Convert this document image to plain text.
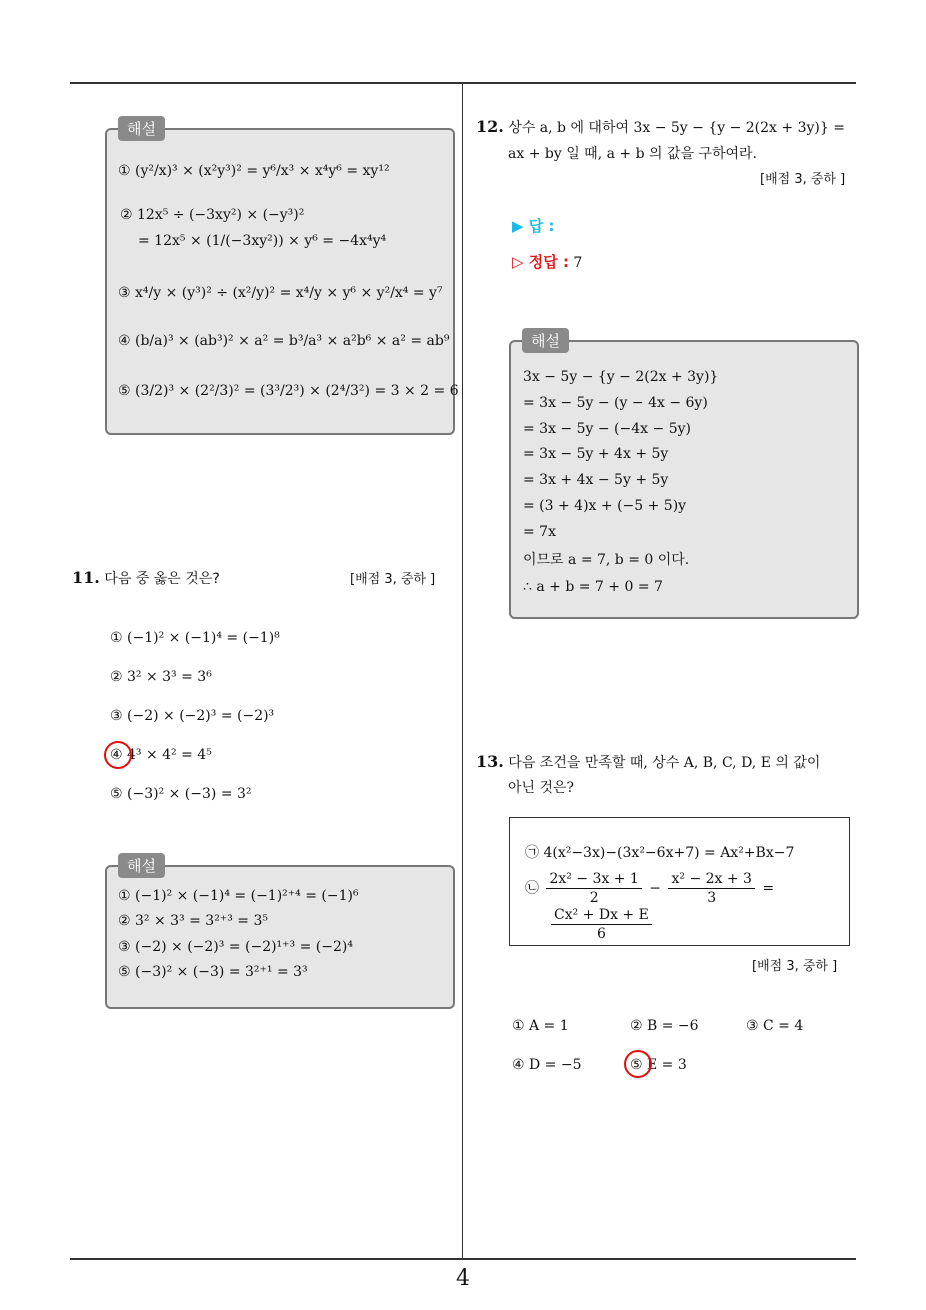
4
해설
① (y²/x)³ × (x²y³)² = y⁶/x³ × x⁴y⁶ = xy¹²
② 12x⁵ ÷ (−3xy²) × (−y³)²
= 12x⁵ × (1/(−3xy²)) × y⁶ = −4x⁴y⁴
③ x⁴/y × (y³)² ÷ (x²/y)² = x⁴/y × y⁶ × y²/x⁴ = y⁷
④ (b/a)³ × (ab³)² × a² = b³/a³ × a²b⁶ × a² = ab⁹
⑤ (3/2)³ × (2²/3)² = (3³/2³) × (2⁴/3²) = 3 × 2 = 6
11. 다음 중 옳은 것은?	[배점 3, 중하 ]
① (−1)² × (−1)⁴ = (−1)⁸
② 3² × 3³ = 3⁶
③ (−2) × (−2)³ = (−2)³
④ 4³ × 4² = 4⁵
⑤ (−3)² × (−3) = 3²
해설
① (−1)² × (−1)⁴ = (−1)²⁺⁴ = (−1)⁶
② 3² × 3³ = 3²⁺³ = 3⁵
③ (−2) × (−2)³ = (−2)¹⁺³ = (−2)⁴
⑤ (−3)² × (−3) = 3²⁺¹ = 3³
12. 상수 a, b 에 대하여 3x − 5y − {y − 2(2x + 3y)} =
ax + by 일 때, a + b 의 값을 구하여라.
[배점 3, 중하 ]
▶ 답 :
▷ 정답 : 7
해설
3x − 5y − {y − 2(2x + 3y)}
= 3x − 5y − (y − 4x − 6y)
= 3x − 5y − (−4x − 5y)
= 3x − 5y + 4x + 5y
= 3x + 4x − 5y + 5y
= (3 + 4)x + (−5 + 5)y
= 7x
이므로 a = 7, b = 0 이다.
∴ a + b = 7 + 0 = 7
13. 다음 조건을 만족할 때, 상수 A, B, C, D, E 의 값이
아닌 것은?
㉠ 4(x²−3x)−(3x²−6x+7) = Ax²+Bx−7
㉡ $\frac{\text{2x² − 3x + 1}}{2} - \frac{\text{x² − 2x + 3}}{3}$ =
$\frac{\text{Cx² + Dx + E}}{6}$
[배점 3, 중하 ]
① A = 1	② B = −6	③ C = 4
④ D = −5	⑤ E = 3
